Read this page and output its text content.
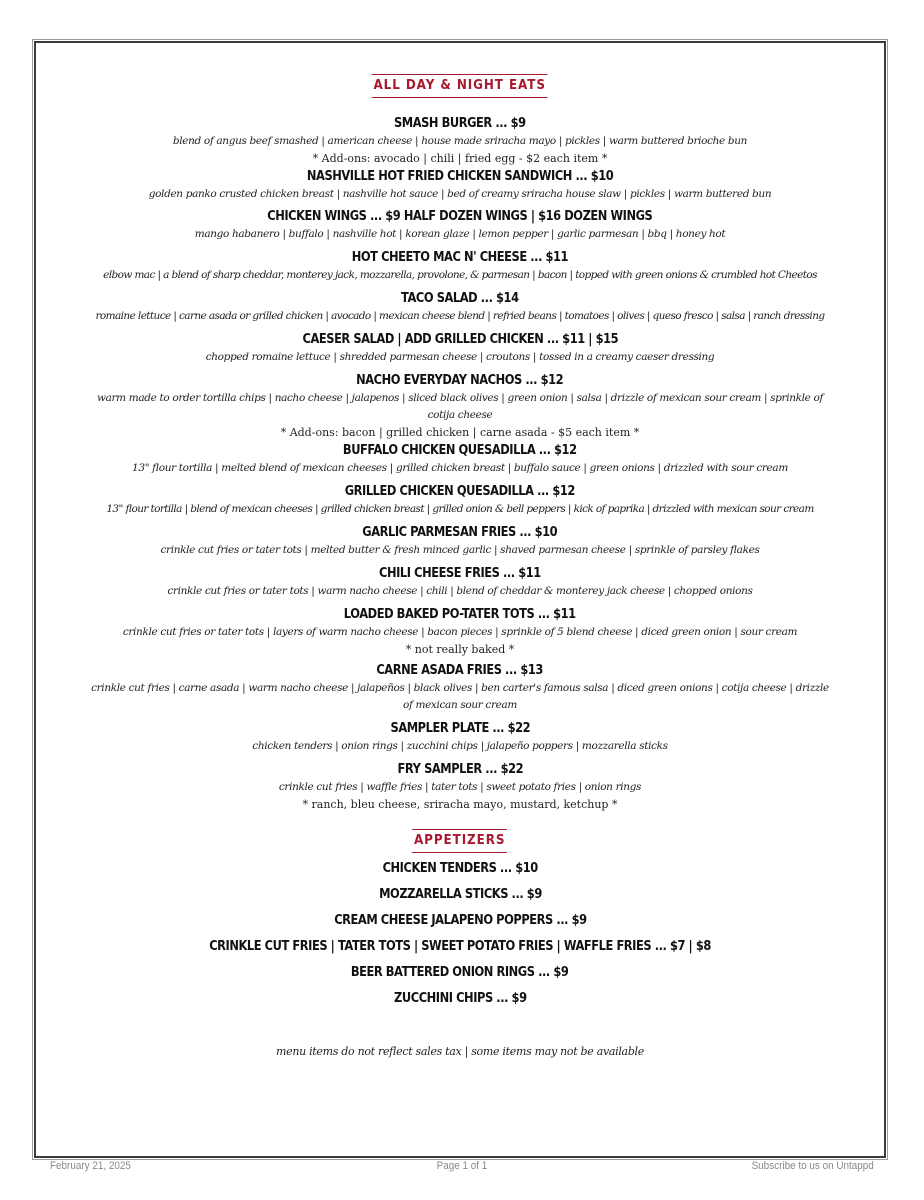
ALL DAY & NIGHT EATS
SMASH BURGER ... $9
blend of angus beef smashed | american cheese | house made sriracha mayo | pickles | warm buttered brioche bun
* Add-ons: avocado | chili | fried egg - $2 each item *
NASHVILLE HOT FRIED CHICKEN SANDWICH ... $10
golden panko crusted chicken breast | nashville hot sauce | bed of creamy sriracha house slaw | pickles | warm buttered bun
CHICKEN WINGS ... $9 HALF DOZEN WINGS | $16 DOZEN WINGS
mango habanero | buffalo | nashville hot | korean glaze | lemon pepper | garlic parmesan | bbq | honey hot
HOT CHEETO MAC N' CHEESE ... $11
elbow mac | a blend of sharp cheddar, monterey jack, mozzarella, provolone, & parmesan | bacon | topped with green onions & crumbled hot Cheetos
TACO SALAD ... $14
romaine lettuce | carne asada or grilled chicken | avocado | mexican cheese blend | refried beans | tomatoes | olives | queso fresco | salsa | ranch dressing
CAESER SALAD | ADD GRILLED CHICKEN ... $11 | $15
chopped romaine lettuce | shredded parmesan cheese | croutons | tossed in a creamy caeser dressing
NACHO EVERYDAY NACHOS ... $12
warm made to order tortilla chips | nacho cheese | jalapenos | sliced black olives | green onion | salsa | drizzle of mexican sour cream | sprinkle of cotija cheese
* Add-ons: bacon | grilled chicken | carne asada - $5 each item *
BUFFALO CHICKEN QUESADILLA ... $12
13" flour tortilla | melted blend of mexican cheeses | grilled chicken breast | buffalo sauce | green onions | drizzled with sour cream
GRILLED CHICKEN QUESADILLA ... $12
13" flour tortilla | blend of mexican cheeses | grilled chicken breast | grilled onion & bell peppers | kick of paprika | drizzled with mexican sour cream
GARLIC PARMESAN FRIES ... $10
crinkle cut fries or tater tots | melted butter & fresh minced garlic | shaved parmesan cheese | sprinkle of parsley flakes
CHILI CHEESE FRIES ... $11
crinkle cut fries or tater tots | warm nacho cheese | chili | blend of cheddar & monterey jack cheese | chopped onions
LOADED BAKED PO-TATER TOTS ... $11
crinkle cut fries or tater tots | layers of warm nacho cheese | bacon pieces | sprinkle of 5 blend cheese | diced green onion | sour cream
* not really baked *
CARNE ASADA FRIES ... $13
crinkle cut fries | carne asada | warm nacho cheese | jalapeños | black olives | ben carter's famous salsa | diced green onions | cotija cheese | drizzle of mexican sour cream
SAMPLER PLATE ... $22
chicken tenders | onion rings | zucchini chips | jalapeño poppers | mozzarella sticks
FRY SAMPLER ... $22
crinkle cut fries | waffle fries | tater tots | sweet potato fries | onion rings
* ranch, bleu cheese, sriracha mayo, mustard, ketchup *
APPETIZERS
CHICKEN TENDERS ... $10
MOZZARELLA STICKS ... $9
CREAM CHEESE JALAPENO POPPERS ... $9
CRINKLE CUT FRIES | TATER TOTS | SWEET POTATO FRIES | WAFFLE FRIES ... $7 | $8
BEER BATTERED ONION RINGS ... $9
ZUCCHINI CHIPS ... $9
menu items do not reflect sales tax | some items may not be available
February 21, 2025	Page 1 of 1	Subscribe to us on Untappd
